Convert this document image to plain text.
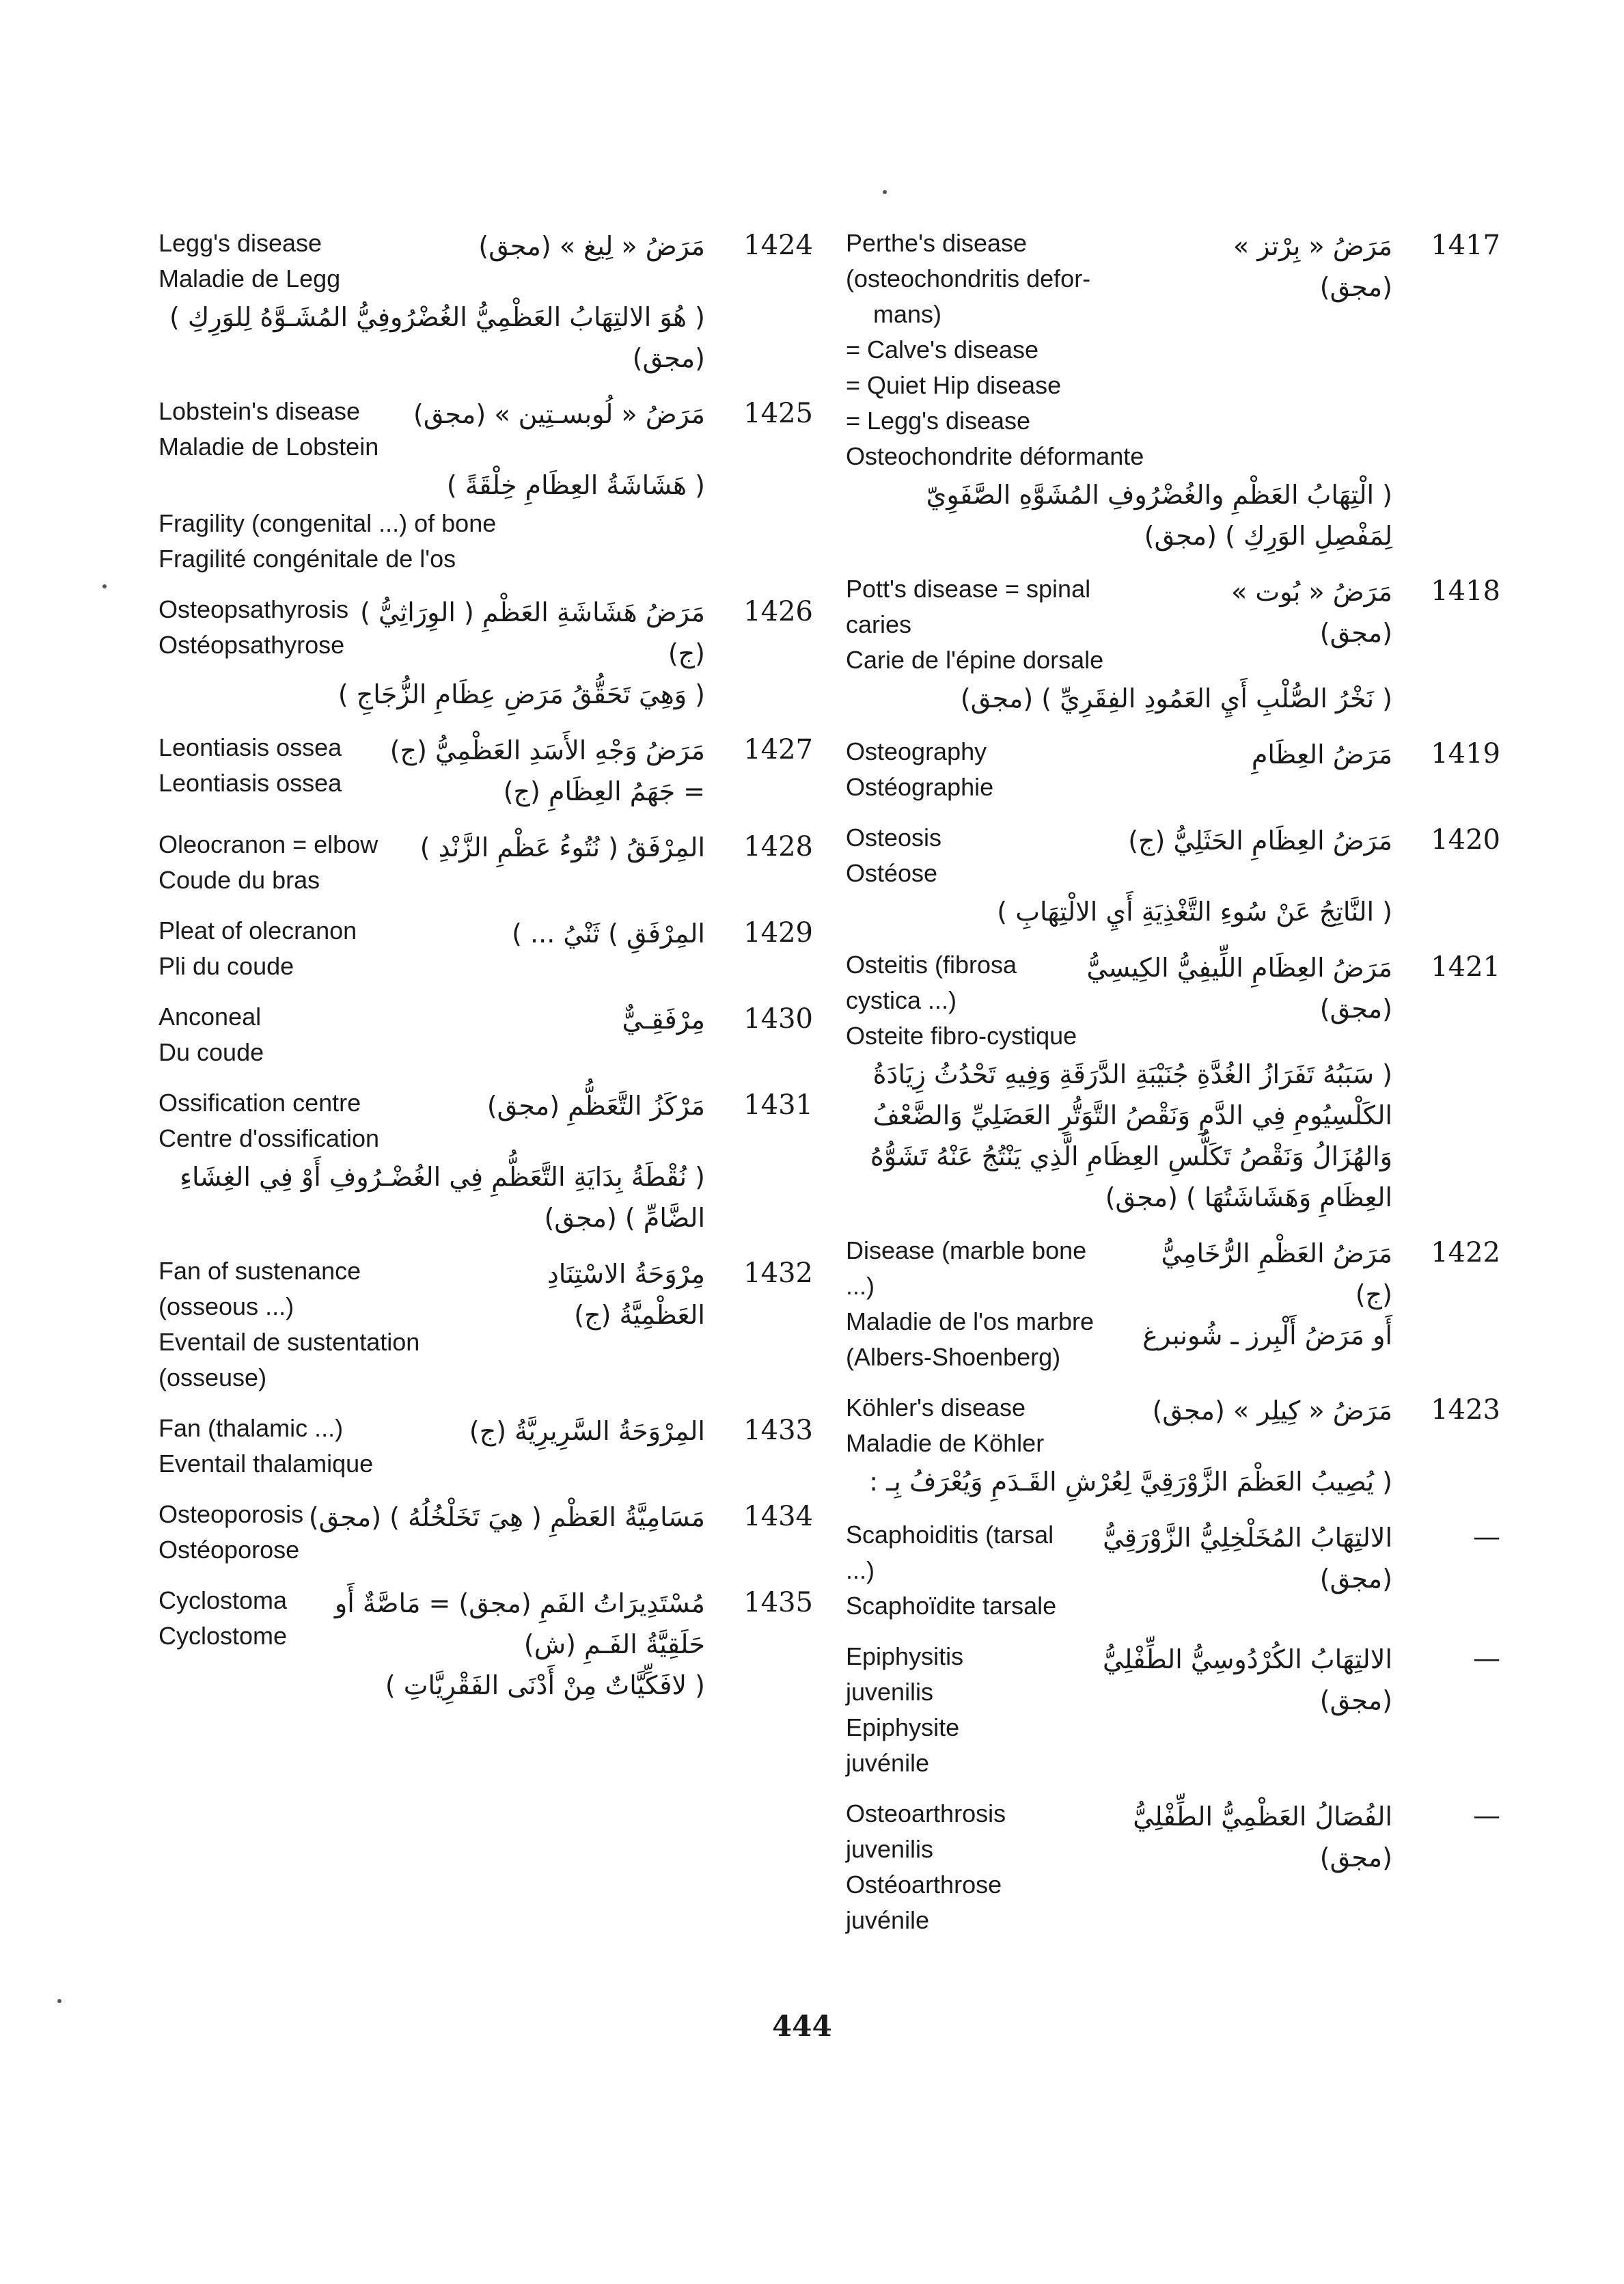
1424
Legg's disease
Maladie de Legg
مَرَضُ « لِيغ » (مجق)
( هُوَ الالتِهَابُ العَظْمِيُّ الغُضْرُوفِيُّ المُشَـوَّهُ لِلوَرِكِ ) (مجق)
1425
Lobstein's disease
Maladie de Lobstein
مَرَضُ « لُوبسـتِين » (مجق)
( هَشَاشَةُ العِظَامِ خِلْقَةً )
Fragility (congenital ...) of bone
Fragilité congénitale de l'os
1426
Osteopsathyrosis
Ostéopsathyrose
مَرَضُ هَشَاشَةِ العَظْمِ ( الوِرَاثِيُّ ) (ج)
( وَهِيَ تَحَقُّقُ مَرَضِ عِظَامِ الزُّجَاجِ )
1427
Leontiasis ossea
Leontiasis ossea
مَرَضُ وَجْهِ الأَسَدِ العَظْمِيُّ (ج)
= جَهَمُ العِظَامِ (ج)
1428
Oleocranon = elbow
Coude du bras
المِرْفَقُ ( نُتُوءُ عَظْمِ الزَّنْدِ )
1429
Pleat of olecranon
Pli du coude
المِرْفَقِ ) ثَنْيُ ... )
1430
Anconeal
Du coude
مِرْفَقِـيٌّ
1431
Ossification centre
Centre d'ossification
مَرْكَزُ التَّعَظُّمِ (مجق)
( نُقْطَةُ بِدَايَةِ التَّعَظُّمِ فِي الغُضْـرُوفِ أَوْ فِي الغِشَاءِ الضَّامِّ ) (مجق)
1432
Fan of sustenance (osseous ...)
Eventail de sustentation (osseuse)
مِرْوَحَةُ الاسْتِنَادِ العَظْمِيَّةُ (ج)
1433
Fan (thalamic ...)
Eventail thalamique
المِرْوَحَةُ السَّرِيرِيَّةُ (ج)
1434
Osteoporosis
Ostéoporose
مَسَامِيَّةُ العَظْمِ ( هِيَ تَخَلْخُلُهُ ) (مجق)
1435
Cyclostoma
Cyclostome
مُسْتَدِيرَاتُ الفَمِ (مجق) = مَاصَّةٌ أَو حَلَقِيَّةُ الفَـمِ (ش)
( لافَكِّيَّاتٌ مِنْ أَدْنَى الفَقْرِيَّاتِ )
1417
Perthe's disease (osteochondritis defor-
mans)
= Calve's disease
= Quiet Hip disease
= Legg's disease
Osteochondrite déformante
مَرَضُ « بِرْتز » (مجق)
( الْتِهَابُ العَظْمِ والغُضْرُوفِ المُشَوَّهِ الصَّفَوِيّ لِمَفْصِلِ الوَرِكِ ) (مجق)
1418
Pott's disease = spinal caries
Carie de l'épine dorsale
مَرَضُ « بُوت » (مجق)
( نَخْرُ الصُّلْبِ أَيِ العَمُودِ الفِقَرِيِّ ) (مجق)
1419
Osteography
Ostéographie
مَرَضُ العِظَامِ
1420
Osteosis
Ostéose
مَرَضُ العِظَامِ الحَثَلِيُّ (ج)
( النَّاتِجُ عَنْ سُوءِ التَّغْذِيَةِ أَيِ الالْتِهَابِ )
1421
Osteitis (fibrosa cystica ...)
Osteite fibro-cystique
مَرَضُ العِظَامِ اللِّيفِيُّ الكِيسِيُّ (مجق)
( سَبَبُهُ تَفَرَازُ الغُدَّةِ جُنَيْبَةِ الدَّرَقَةِ وَفِيهِ تَحْدُثُ زِيَادَةُ الكَلْسِيُومِ فِي الدَّمِ وَنَقْصُ التَّوَتُّرِ العَضَلِيِّ وَالضَّعْفُ وَالهُزَالُ وَنَقْصُ تَكَلُّسِ العِظَامِ الَّذِي يَنْتُجُ عَنْهُ تَشَوُّهُ العِظَامِ وَهَشَاشَتُهَا ) (مجق)
1422
Disease (marble bone ...)
Maladie de l'os marbre
(Albers-Shoenberg)
مَرَضُ العَظْمِ الرُّخَامِيُّ (ج)
أَو مَرَضُ أَلْبِرز ـ شُونبرغ
1423
Köhler's disease
Maladie de Köhler
مَرَضُ « كِيلِر » (مجق)
( يُصِيبُ العَظْمَ الزَّوْرَقِيَّ لِعُرْشِ القَـدَمِ وَيُعْرَفُ بِـ :
—
Scaphoiditis (tarsal ...)
Scaphoïdite tarsale
الالتِهَابُ المُخَلْخِلِيُّ الزَّوْرَقِيُّ (مجق)
—
Epiphysitis juvenilis
Epiphysite juvénile
الالتِهَابُ الكُرْدُوسِيُّ الطِّفْلِيُّ (مجق)
—
Osteoarthrosis juvenilis
Ostéoarthrose juvénile
الفُصَالُ العَظْمِيُّ الطِّفْلِيُّ (مجق)
444
